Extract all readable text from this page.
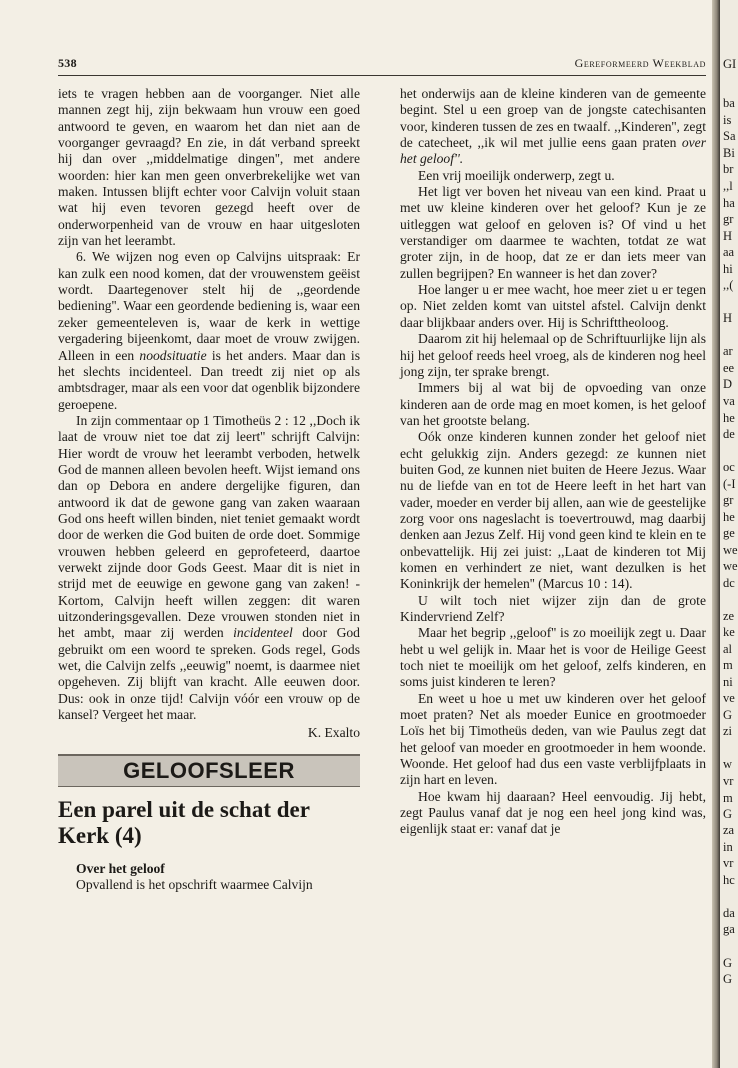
538	Gereformeerd Weekblad

iets te vragen hebben aan de voorganger. Niet alle mannen zegt hij, zijn bekwaam hun vrouw een goed antwoord te geven, en waarom het dan niet aan de voorganger gevraagd? En zie, in dát verband spreekt hij dan over ,,middelmatige dingen'', met andere woorden: hier kan men geen onverbrekelijke wet van maken. Intussen blijft echter voor Calvijn voluit staan wat hij even tevoren gezegd heeft over de onderworpenheid van de vrouw en haar uitgesloten zijn van het leerambt.

6. We wijzen nog even op Calvijns uitspraak: Er kan zulk een nood komen, dat der vrouwenstem geëist wordt. Daartegenover stelt hij de ,,geordende bediening''. Waar een geordende bediening is, waar een zeker gemeenteleven is, waar de kerk in wettige vergadering bijeenkomt, daar moet de vrouw zwijgen. Alleen in een noodsituatie is het anders. Maar dan is het slechts incidenteel. Dan treedt zij niet op als ambtsdrager, maar als een voor dat ogenblik bijzondere geroepene.

In zijn commentaar op 1 Timotheüs 2 : 12 ,,Doch ik laat de vrouw niet toe dat zij leert'' schrijft Calvijn: Hier wordt de vrouw het leerambt verboden, hetwelk God de mannen alleen bevolen heeft. Wijst iemand ons dan op Debora en andere dergelijke figuren, dan antwoord ik dat de gewone gang van zaken waaraan God ons heeft willen binden, niet teniet gemaakt wordt door de werken die God buiten de orde doet. Sommige vrouwen hebben geleerd en geprofeteerd, daartoe verwekt zijnde door Gods Geest. Maar dit is niet in strijd met de eeuwige en gewone gang van zaken! - Kortom, Calvijn heeft willen zeggen: dit waren uitzonderingsgevallen. Deze vrouwen stonden niet in het ambt, maar zij werden incidenteel door God gebruikt om een woord te spreken. Gods regel, Gods wet, die Calvijn zelfs ,,eeuwig'' noemt, is daarmee niet opgeheven. Zij blijft van kracht. Alle eeuwen door. Dus: ook in onze tijd! Calvijn vóór een vrouw op de kansel? Vergeet het maar.

K. Exalto

GELOOFSLEER
Een parel uit de schat der Kerk (4)

Over het geloof

Opvallend is het opschrift waarmee Calvijn

het onderwijs aan de kleine kinderen van de gemeente begint. Stel u een groep van de jongste catechisanten voor, kinderen tussen de zes en twaalf. ,,Kinderen'', zegt de catecheet, ,,ik wil met jullie eens gaan praten over het geloof''.

Een vrij moeilijk onderwerp, zegt u.

Het ligt ver boven het niveau van een kind. Praat u met uw kleine kinderen over het geloof? Kun je ze uitleggen wat geloof en geloven is? Of vind u het verstandiger om daarmee te wachten, totdat ze wat groter zijn, in de hoop, dat ze er dan iets meer van zullen begrijpen? En wanneer is het dan zover?

Hoe langer u er mee wacht, hoe meer ziet u er tegen op. Niet zelden komt van uitstel afstel. Calvijn denkt daar blijkbaar anders over. Hij is Schrifttheoloog.

Daarom zit hij helemaal op de Schriftuurlijke lijn als hij het geloof reeds heel vroeg, als de kinderen nog heel jong zijn, ter sprake brengt.

Immers bij al wat bij de opvoeding van onze kinderen aan de orde mag en moet komen, is het geloof van het grootste belang.

Oók onze kinderen kunnen zonder het geloof niet echt gelukkig zijn. Anders gezegd: ze kunnen niet buiten God, ze kunnen niet buiten de Heere Jezus. Waar nu de liefde van en tot de Heere leeft in het hart van vader, moeder en verder bij allen, aan wie de geestelijke zorg voor ons nageslacht is toevertrouwd, mag daarbij denken aan Jezus Zelf. Hij vond geen kind te klein en te onbevattelijk. Hij zei juist: ,,Laat de kinderen tot Mij komen en verhindert ze niet, want dezulken is het Koninkrijk der hemelen'' (Marcus 10 : 14).

U wilt toch niet wijzer zijn dan de grote Kindervriend Zelf?

Maar het begrip ,,geloof'' is zo moeilijk zegt u. Daar hebt u wel gelijk in. Maar het is voor de Heilige Geest toch niet te moeilijk om het geloof, zelfs kinderen, en soms juist kinderen te leren?

En weet u hoe u met uw kinderen over het geloof moet praten? Net als moeder Eunice en grootmoeder Loïs het bij Timotheüs deden, van wie Paulus zegt dat het geloof van moeder en grootmoeder in hem woonde. Woonde. Het geloof had dus een vaste verblijfplaats in zijn hart en leven.

Hoe kwam hij daaraan? Heel eenvoudig. Jij hebt, zegt Paulus vanaf dat je nog een heel jong kind was, eigenlijk staat er: vanaf dat je

GI
ba
is
Sa
Bi
br
,,l
ha
gr
H
aa
hi
,,(
H
ar
ee
D
va
he
de
oc
(-I
gr
he
ge
we
we
dc
ze
ke
al
m
ni
ve
G
zi
w
vr
m
G
za
in
vr
hc
da
ga
G
G
